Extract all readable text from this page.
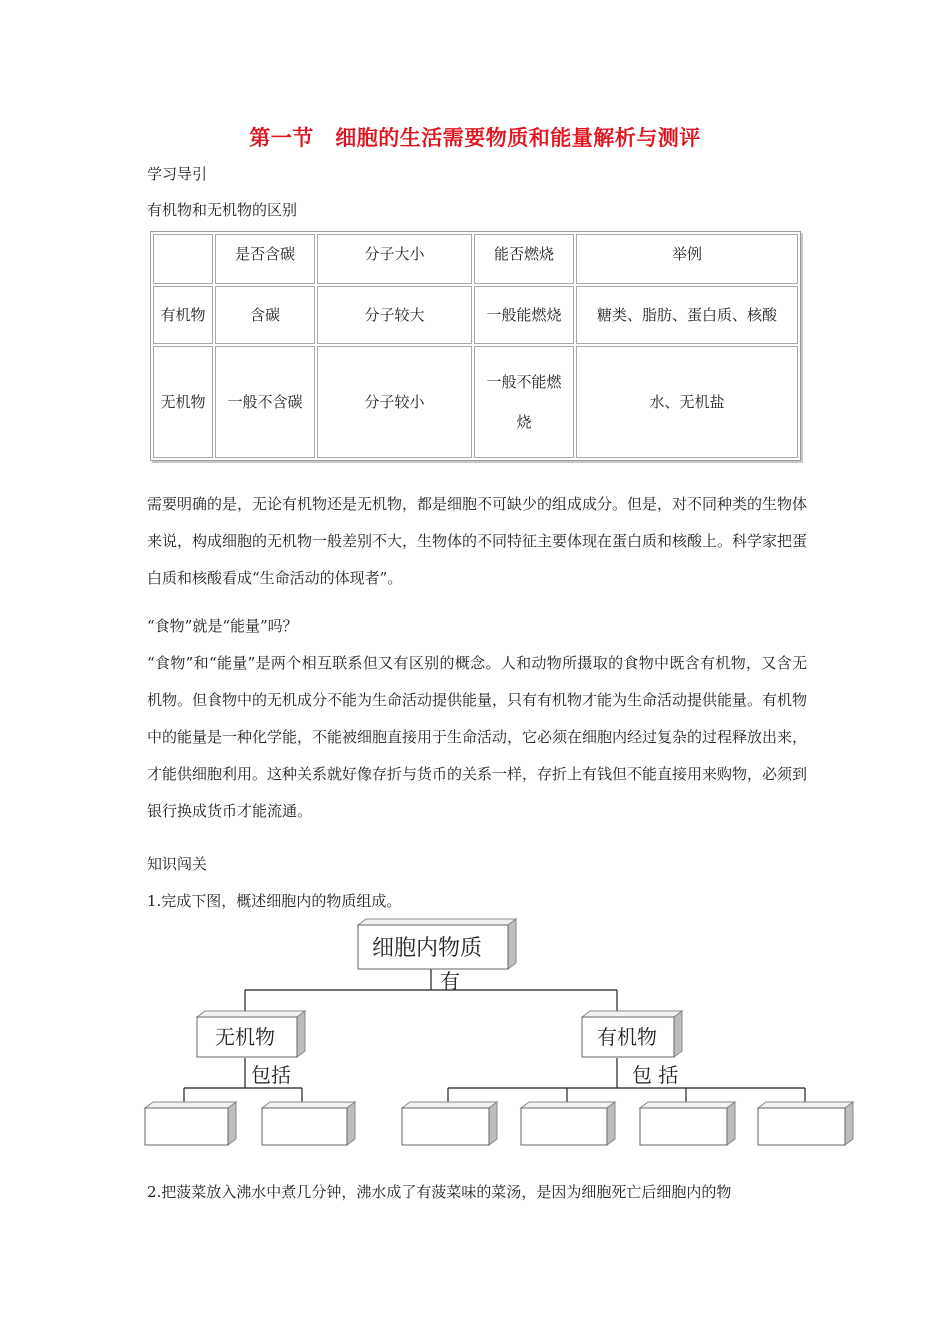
第一节　细胞的生活需要物质和能量解析与测评
学习导引
有机物和无机物的区别
	是否含碳	分子大小	能否燃烧	举例
有机物	含碳	分子较大	一般能燃烧	糖类、脂肪、蛋白质、核酸
无机物	一般不含碳	分子较小	一般不能燃烧	水、无机盐
需要明确的是，无论有机物还是无机物，都是细胞不可缺少的组成成分。但是，对不同种类的生物体来说，构成细胞的无机物一般差别不大，生物体的不同特征主要体现在蛋白质和核酸上。科学家把蛋白质和核酸看成“生命活动的体现者”。
“食物”就是“能量”吗？
“食物”和“能量”是两个相互联系但又有区别的概念。人和动物所摄取的食物中既含有机物，又含无机物。但食物中的无机成分不能为生命活动提供能量，只有有机物才能为生命活动提供能量。有机物中的能量是一种化学能，不能被细胞直接用于生命活动，它必须在细胞内经过复杂的过程释放出来，才能供细胞利用。这种关系就好像存折与货币的关系一样，存折上有钱但不能直接用来购物，必须到银行换成货币才能流通。
知识闯关
1.完成下图，概述细胞内的物质组成。
细胞内物质
有
无机物	有机物
包括	包 括
2.把菠菜放入沸水中煮几分钟，沸水成了有菠菜味的菜汤，是因为细胞死亡后细胞内的物
